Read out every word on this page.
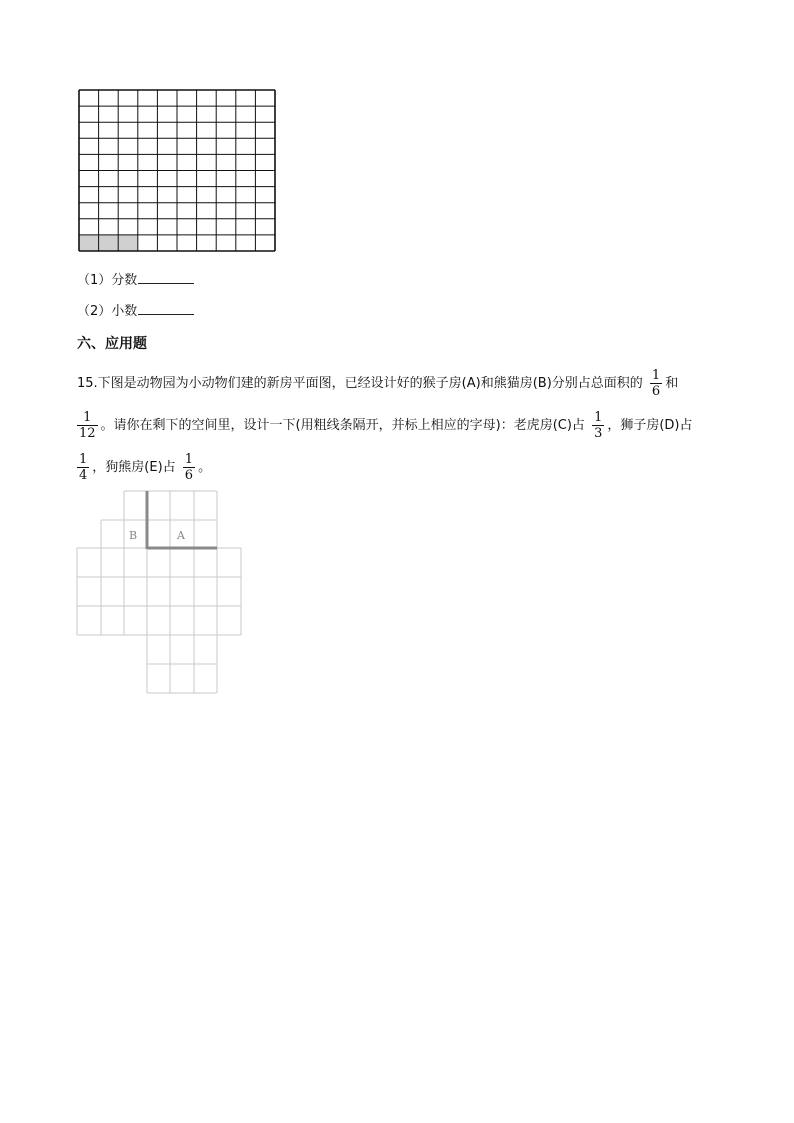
（1）分数
（2）小数
六、应用题
15.下图是动物园为小动物们建的新房平面图，已经设计好的猴子房(A)和熊猫房(B)分别占总面积的 $\frac{1}{6}$ 和
$\frac{1}{12}$ 。请你在剩下的空间里，设计一下(用粗线条隔开，并标上相应的字母)：老虎房(C)占 $\frac{1}{3}$ ，狮子房(D)占
$\frac{1}{4}$ ，狗熊房(E)占 $\frac{1}{6}$ 。
B	A
